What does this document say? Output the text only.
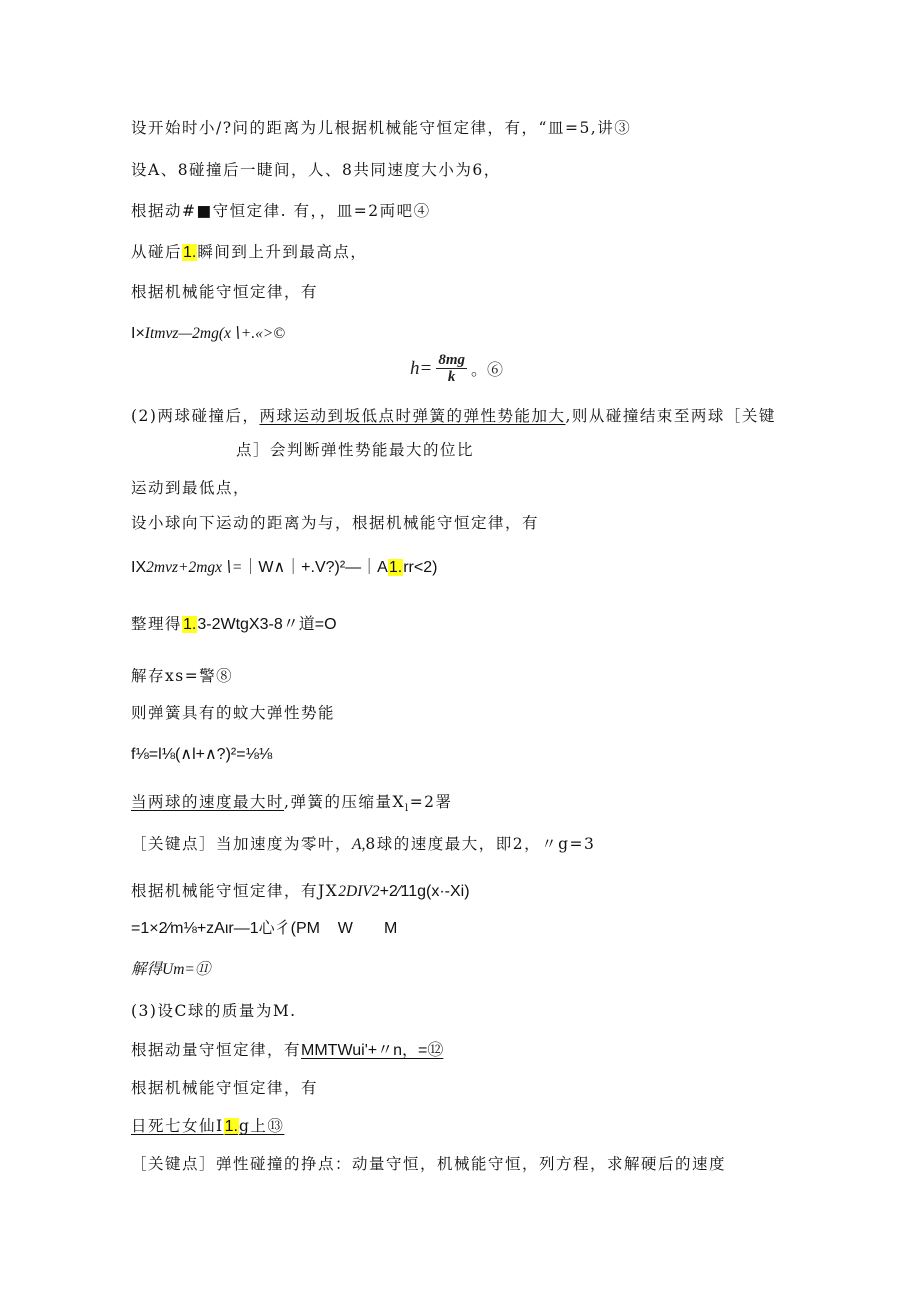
设开始时小/?问的距离为儿根据机械能守恒定律，有，“皿=5,讲③
设A、8碰撞后一睫间，人、8共同速度大小为6，
根据动#■守恒定律. 有，，皿=2両吧④
从碰后1.瞬间到上升到最高点，
根据机械能守恒定律，有
I×Itmvz—2mg(x∖+.«>©
$h= \frac{8mg}{k}$ 。⑥
(2)两球碰撞后，两球运动到坂低点时弹簧的弹性势能加大,则从碰撞结束至两球［关键
点］会判断弹性势能最大的位比
运动到最低点，
设小球向下运动的距离为与，根据机械能守恒定律，有
IX2mvz+2mgx∖=｜W∧｜+.V?)²—｜A1.rr<2)
整理得1.3-2WtgX3-8〃道=O
解存xs=警⑧
则弹簧具有的蚊大弹性势能
f⅛=l⅛(∧l+∧?)²=⅛⅛
当两球的速度最大时,弹簧的压缩量$X_l=2$署
［关键点］当加速度为零叶，A,8球的速度最大，即2，〃g=3
根据机械能守恒定律，有JX2DIV2+2⁄11g(x·-Xi)
=1×2⁄m⅛+zAιr—1心彳(PM    W       M
解得Um=⑪
(3)设C球的质量为M.
根据动量守恒定律，有MMTWui'+〃n，=⑫
根据机械能守恒定律，有
日死七女仙I1.g上⑬
［关键点］弹性碰撞的挣点：动量守恒，机械能守恒，列方程，求解硬后的速度
